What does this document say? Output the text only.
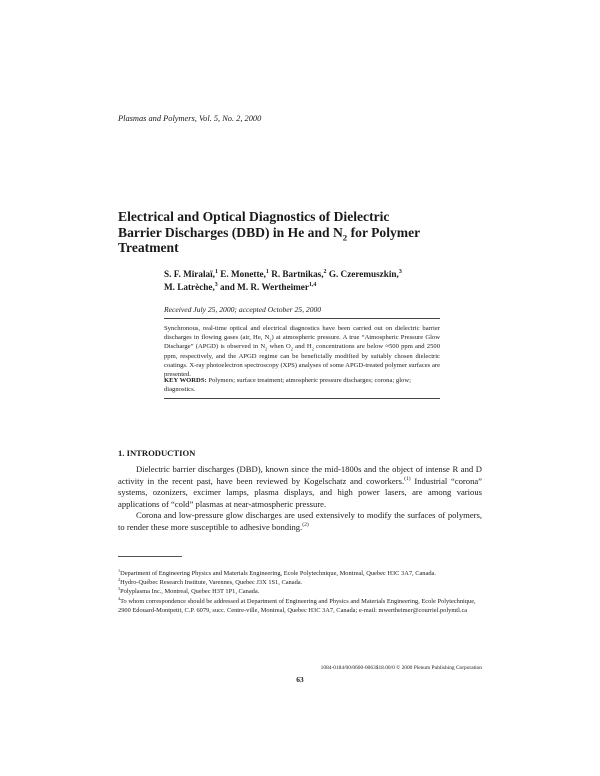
Plasmas and Polymers, Vol. 5, No. 2, 2000
Electrical and Optical Diagnostics of Dielectric
Barrier Discharges (DBD) in He and $N_2$ for Polymer
Treatment
S. F. Miralaï,$^1$ E. Monette,$^1$ R. Bartnikas,$^2$ G. Czeremuszkin,$^3$
M. Latrèche,$^3$ and M. R. Wertheimer$^{1,4}$
Received July 25, 2000; accepted October 25, 2000
Synchronous, real-time optical and electrical diagnostics have been carried out on dielectric barrier discharges in flowing gases (air, He, $N_2$) at atmospheric pressure. A true “Atmospheric Pressure Glow Discharge” (APGD) is observed in $N_2$ when $O_2$ and $H_2$ concentrations are below ≈500 ppm and 2500 ppm, respectively, and the APGD regime can be beneficially modified by suitably chosen dielectric coatings. X-ray photoelectron spectroscopy (XPS) analyses of some APGD-treated polymer surfaces are presented.
KEY WORDS: Polymers; surface treatment; atmospheric pressure discharges; corona; glow; diagnostics.
1. INTRODUCTION

Dielectric barrier discharges (DBD), known since the mid-1800s and the object of intense R and D activity in the recent past, have been reviewed by Kogelschatz and coworkers.$^{(1)}$ Industrial “corona” systems, ozonizers, excimer lamps, plasma displays, and high power lasers, are among various applications of “cold” plasmas at near-atmospheric pressure.

Corona and low-pressure glow discharges are used extensively to modify the surfaces of polymers, to render these more susceptible to adhesive bonding.$^{(2)}$

$^1$Department of Engineering Physics and Materials Engineering, Ecole Polytechnique, Montreal, Quebec H3C 3A7, Canada.
$^2$Hydro-Québec Research Institute, Varennes, Quebec J3X 1S1, Canada.
$^3$Polyplasma Inc., Montreal, Quebec H3T 1P1, Canada.
$^4$To whom correspondence should be addressed at Department of Engineering and Physics and Materials Engineering, Ecole Polytechnique, 2900 Edouard-Montpetit, C.P. 6079, succ. Centre-ville, Montreal, Quebec H3C 3A7, Canada; e-mail: mwertheimer@courriel.polymtl.ca
1084-0184/00/0600-0063$18.00/0 © 2000 Plenum Publishing Corporation
63
